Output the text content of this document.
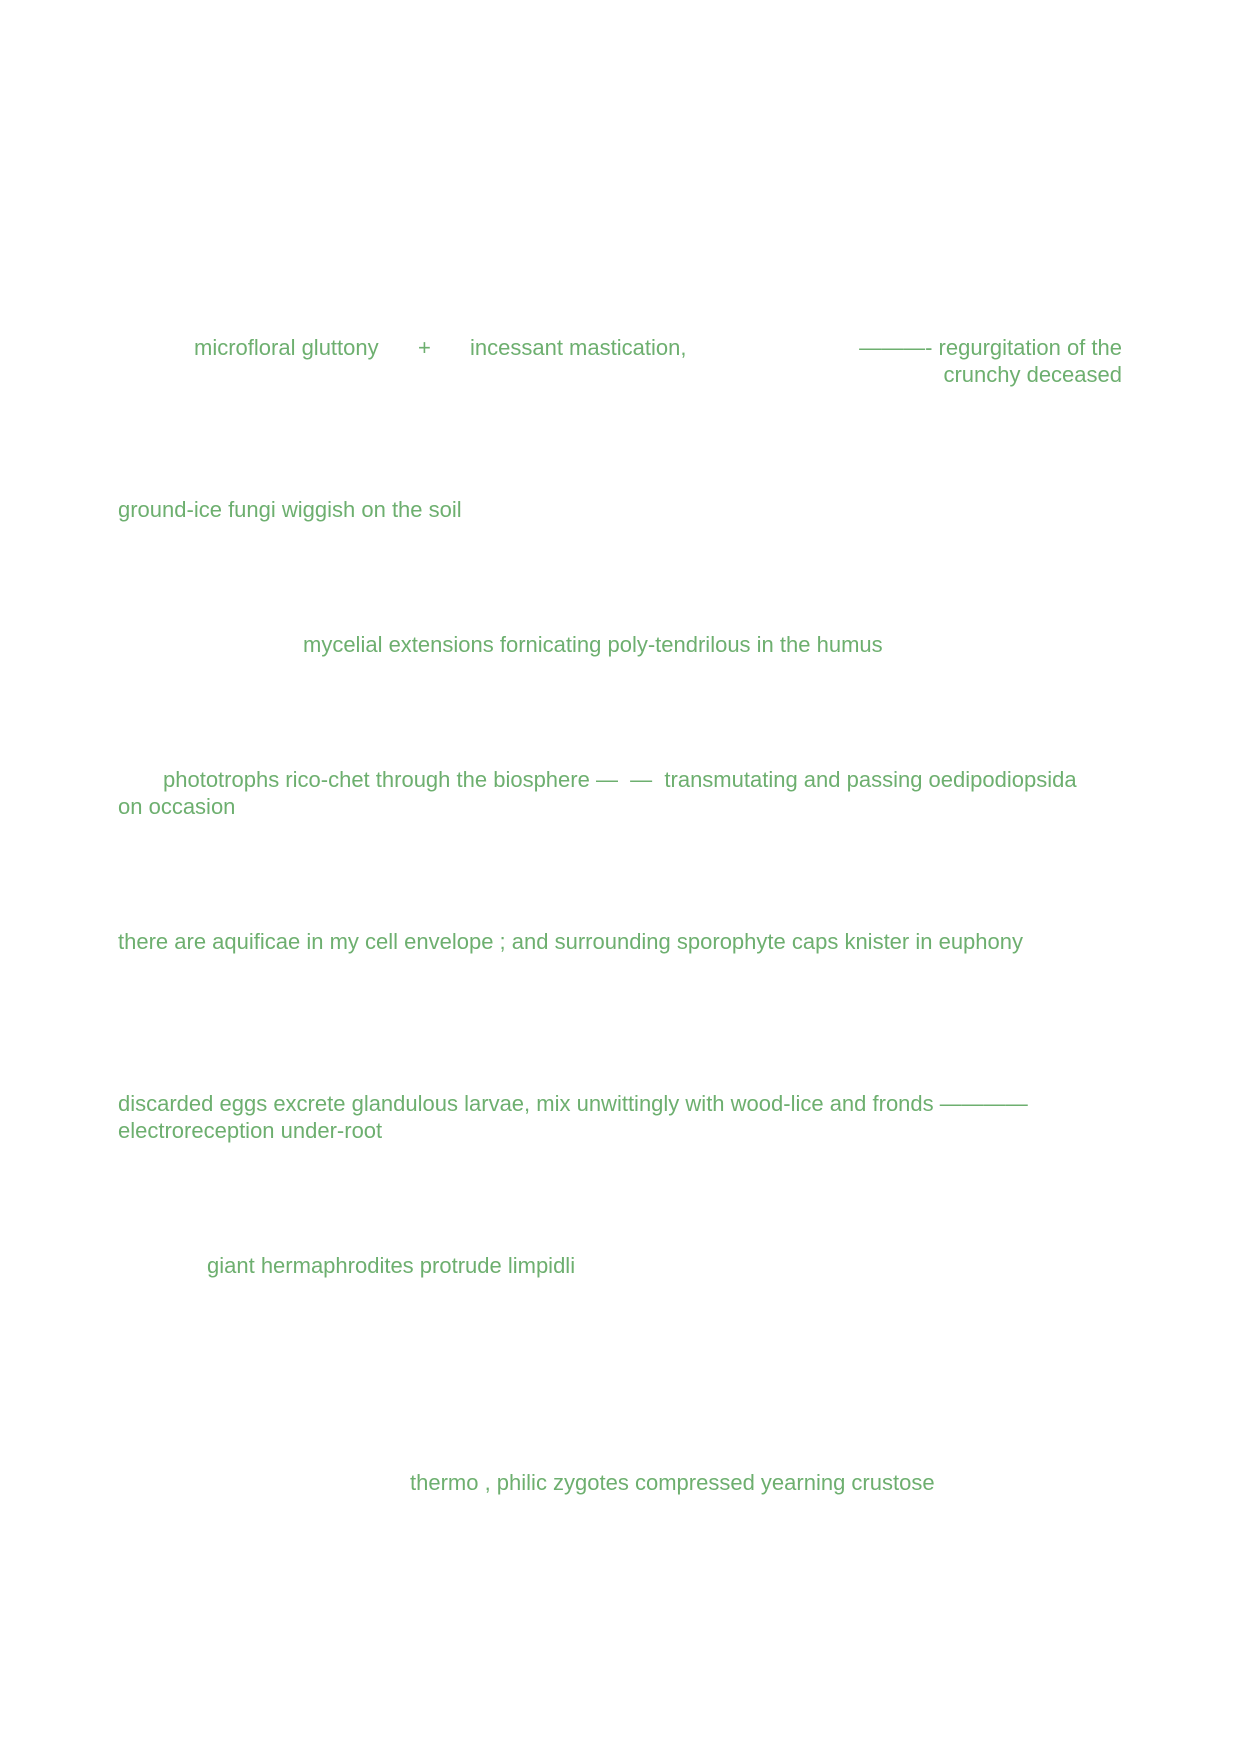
microfloral gluttony + incessant mastication,	———- regurgitation of the
crunchy deceased
ground-ice fungi wiggish on the soil
mycelial extensions fornicating poly-tendrilous in the humus
phototrophs rico-chet through the biosphere —  —  transmutating and passing oedipodiopsida
on occasion
there are aquificae in my cell envelope ; and surrounding sporophyte caps knister in euphony
discarded eggs excrete glandulous larvae, mix unwittingly with wood-lice and fronds ————
electroreception under-root
giant hermaphrodites protrude limpidli
thermo , philic zygotes compressed yearning crustose
